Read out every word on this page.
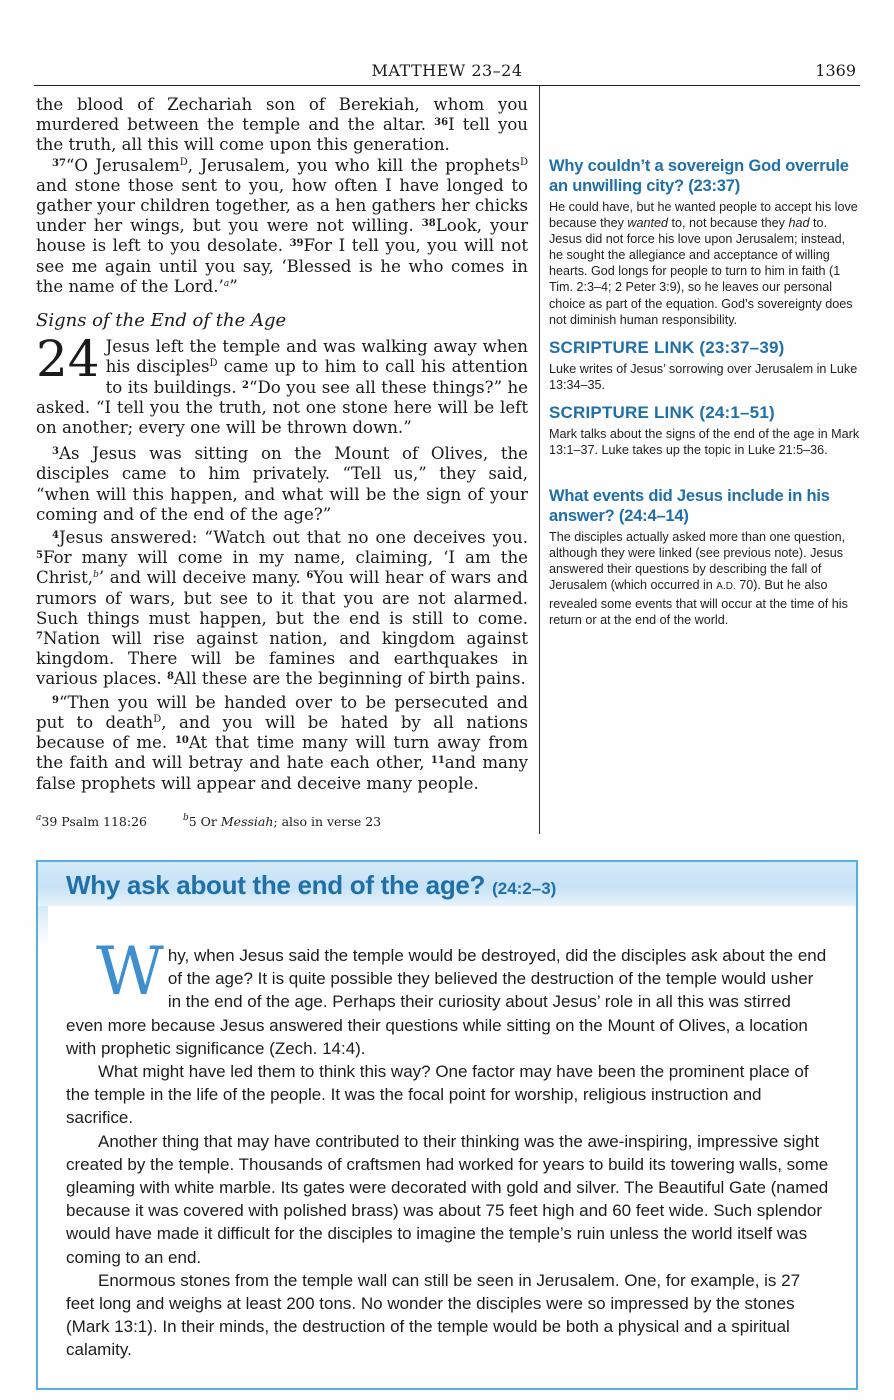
MATTHEW 23–24	1369

the blood of Zechariah son of Berekiah, whom you murdered between the temple and the altar. $^{36}$I tell you the truth, all this will come upon this generation.

$^{37}$“O Jerusalem$^D$, Jerusalem, you who kill the prophets$^D$ and stone those sent to you, how often I have longed to gather your children together, as a hen gathers her chicks under her wings, but you were not willing. $^{38}$Look, your house is left to you desolate. $^{39}$For I tell you, you will not see me again until you say, ‘Blessed is he who comes in the name of the Lord.’$^a$”

Signs of the End of the Age

24 Jesus left the temple and was walking away when his disciples$^D$ came up to him to call his attention to its buildings. $^2$“Do you see all these things?” he asked. “I tell you the truth, not one stone here will be left on another; every one will be thrown down.”

$^3$As Jesus was sitting on the Mount of Olives, the disciples came to him privately. “Tell us,” they said, “when will this happen, and what will be the sign of your coming and of the end of the age?”

$^4$Jesus answered: “Watch out that no one deceives you. $^5$For many will come in my name, claiming, ‘I am the Christ,$^b$’ and will deceive many. $^6$You will hear of wars and rumors of wars, but see to it that you are not alarmed. Such things must happen, but the end is still to come. $^7$Nation will rise against nation, and kingdom against kingdom. There will be famines and earthquakes in various places. $^8$All these are the beginning of birth pains.

$^9$“Then you will be handed over to be persecuted and put to death$^D$, and you will be hated by all nations because of me. $^{10}$At that time many will turn away from the faith and will betray and hate each other, $^{11}$and many false prophets will appear and deceive many people.

$^a$39 Psalm 118:26	$^b$5 Or Messiah; also in verse 23
Why couldn’t a sovereign God overrule an unwilling city? (23:37)

He could have, but he wanted people to accept his love because they wanted to, not because they had to. Jesus did not force his love upon Jerusalem; instead, he sought the allegiance and acceptance of willing hearts. God longs for people to turn to him in faith (1 Tim. 2:3–4; 2 Peter 3:9), so he leaves our personal choice as part of the equation. God’s sovereignty does not diminish human responsibility.

SCRIPTURE LINK (23:37–39)

Luke writes of Jesus’ sorrowing over Jerusalem in Luke 13:34–35.

SCRIPTURE LINK (24:1–51)

Mark talks about the signs of the end of the age in Mark 13:1–37. Luke takes up the topic in Luke 21:5–36.

What events did Jesus include in his answer? (24:4–14)

The disciples actually asked more than one question, although they were linked (see previous note). Jesus answered their questions by describing the fall of Jerusalem (which occurred in A.D. 70). But he also revealed some events that will occur at the time of his return or at the end of the world.

Why ask about the end of the age? (24:2–3)

Why, when Jesus said the temple would be destroyed, did the disciples ask about the end of the age? It is quite possible they believed the destruction of the temple would usher in the end of the age. Perhaps their curiosity about Jesus’ role in all this was stirred even more because Jesus answered their questions while sitting on the Mount of Olives, a location with prophetic significance (Zech. 14:4).

What might have led them to think this way? One factor may have been the prominent place of the temple in the life of the people. It was the focal point for worship, religious instruction and sacrifice.

Another thing that may have contributed to their thinking was the awe-inspiring, impressive sight created by the temple. Thousands of craftsmen had worked for years to build its towering walls, some gleaming with white marble. Its gates were decorated with gold and silver. The Beautiful Gate (named because it was covered with polished brass) was about 75 feet high and 60 feet wide. Such splendor would have made it difficult for the disciples to imagine the temple’s ruin unless the world itself was coming to an end.

Enormous stones from the temple wall can still be seen in Jerusalem. One, for example, is 27 feet long and weighs at least 200 tons. No wonder the disciples were so impressed by the stones (Mark 13:1). In their minds, the destruction of the temple would be both a physical and a spiritual calamity.
